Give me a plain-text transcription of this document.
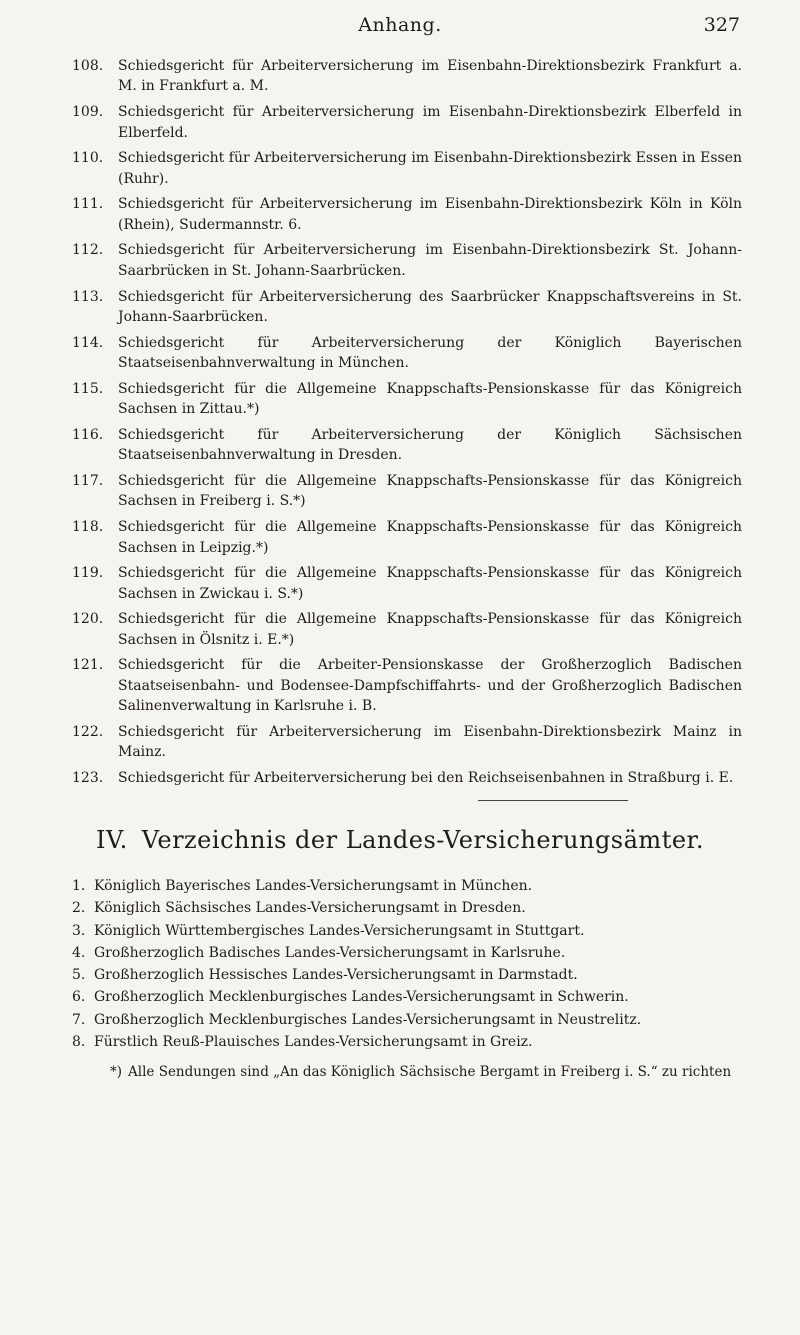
Anhang.	327
108.	Schiedsgericht für Arbeiterversicherung im Eisenbahn-Direktionsbezirk Frankfurt a. M. in Frankfurt a. M.
109.	Schiedsgericht für Arbeiterversicherung im Eisenbahn-Direktionsbezirk Elberfeld in Elberfeld.
110.	Schiedsgericht für Arbeiterversicherung im Eisenbahn-Direktionsbezirk Essen in Essen (Ruhr).
111.	Schiedsgericht für Arbeiterversicherung im Eisenbahn-Direktionsbezirk Köln in Köln (Rhein), Sudermannstr. 6.
112.	Schiedsgericht für Arbeiterversicherung im Eisenbahn-Direktionsbezirk St. Johann-Saarbrücken in St. Johann-Saarbrücken.
113.	Schiedsgericht für Arbeiterversicherung des Saarbrücker Knappschaftsvereins in St. Johann-Saarbrücken.
114.	Schiedsgericht für Arbeiterversicherung der Königlich Bayerischen Staatseisenbahnverwaltung in München.
115.	Schiedsgericht für die Allgemeine Knappschafts-Pensionskasse für das Königreich Sachsen in Zittau.*)
116.	Schiedsgericht für Arbeiterversicherung der Königlich Sächsischen Staatseisenbahnverwaltung in Dresden.
117.	Schiedsgericht für die Allgemeine Knappschafts-Pensionskasse für das Königreich Sachsen in Freiberg i. S.*)
118.	Schiedsgericht für die Allgemeine Knappschafts-Pensionskasse für das Königreich Sachsen in Leipzig.*)
119.	Schiedsgericht für die Allgemeine Knappschafts-Pensionskasse für das Königreich Sachsen in Zwickau i. S.*)
120.	Schiedsgericht für die Allgemeine Knappschafts-Pensionskasse für das Königreich Sachsen in Ölsnitz i. E.*)
121.	Schiedsgericht für die Arbeiter-Pensionskasse der Großherzoglich Badischen Staatseisenbahn- und Bodensee-Dampfschiffahrts- und der Großherzoglich Badischen Salinenverwaltung in Karlsruhe i. B.
122.	Schiedsgericht für Arbeiterversicherung im Eisenbahn-Direktionsbezirk Mainz in Mainz.
123.	Schiedsgericht für Arbeiterversicherung bei den Reichseisenbahnen in Straßburg i. E.
IV. Verzeichnis der Landes-Versicherungsämter.
1. Königlich Bayerisches Landes-Versicherungsamt in München.
2. Königlich Sächsisches Landes-Versicherungsamt in Dresden.
3. Königlich Württembergisches Landes-Versicherungsamt in Stuttgart.
4. Großherzoglich Badisches Landes-Versicherungsamt in Karlsruhe.
5. Großherzoglich Hessisches Landes-Versicherungsamt in Darmstadt.
6. Großherzoglich Mecklenburgisches Landes-Versicherungsamt in Schwerin.
7. Großherzoglich Mecklenburgisches Landes-Versicherungsamt in Neustrelitz.
8. Fürstlich Reuß-Plauisches Landes-Versicherungsamt in Greiz.
*) Alle Sendungen sind „An das Königlich Sächsische Bergamt in Freiberg i. S.“ zu richten
